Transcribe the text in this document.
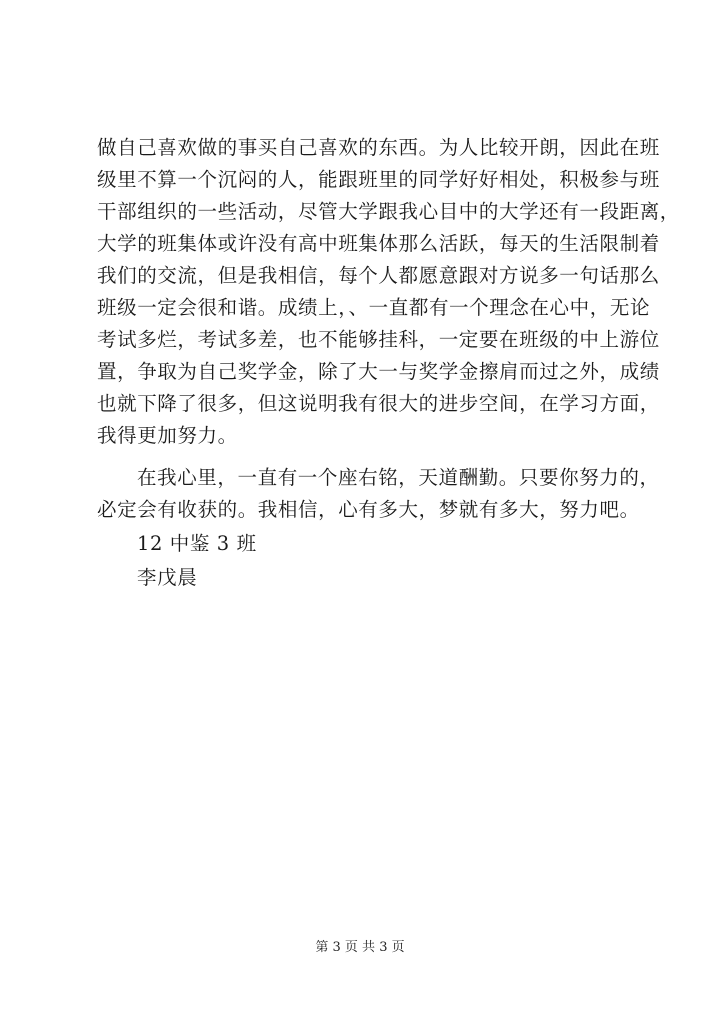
做自己喜欢做的事买自己喜欢的东西。为人比较开朗，因此在班
级里不算一个沉闷的人，能跟班里的同学好好相处，积极参与班
干部组织的一些活动，尽管大学跟我心目中的大学还有一段距离，
大学的班集体或许没有高中班集体那么活跃，每天的生活限制着
我们的交流，但是我相信，每个人都愿意跟对方说多一句话那么
班级一定会很和谐。成绩上，、一直都有一个理念在心中，无论
考试多烂，考试多差，也不能够挂科，一定要在班级的中上游位
置，争取为自己奖学金，除了大一与奖学金擦肩而过之外，成绩
也就下降了很多，但这说明我有很大的进步空间，在学习方面，
我得更加努力。
在我心里，一直有一个座右铭，天道酬勤。只要你努力的，
必定会有收获的。我相信，心有多大，梦就有多大，努力吧。
12 中鉴 3 班
李戊晨
第 3 页 共 3 页
